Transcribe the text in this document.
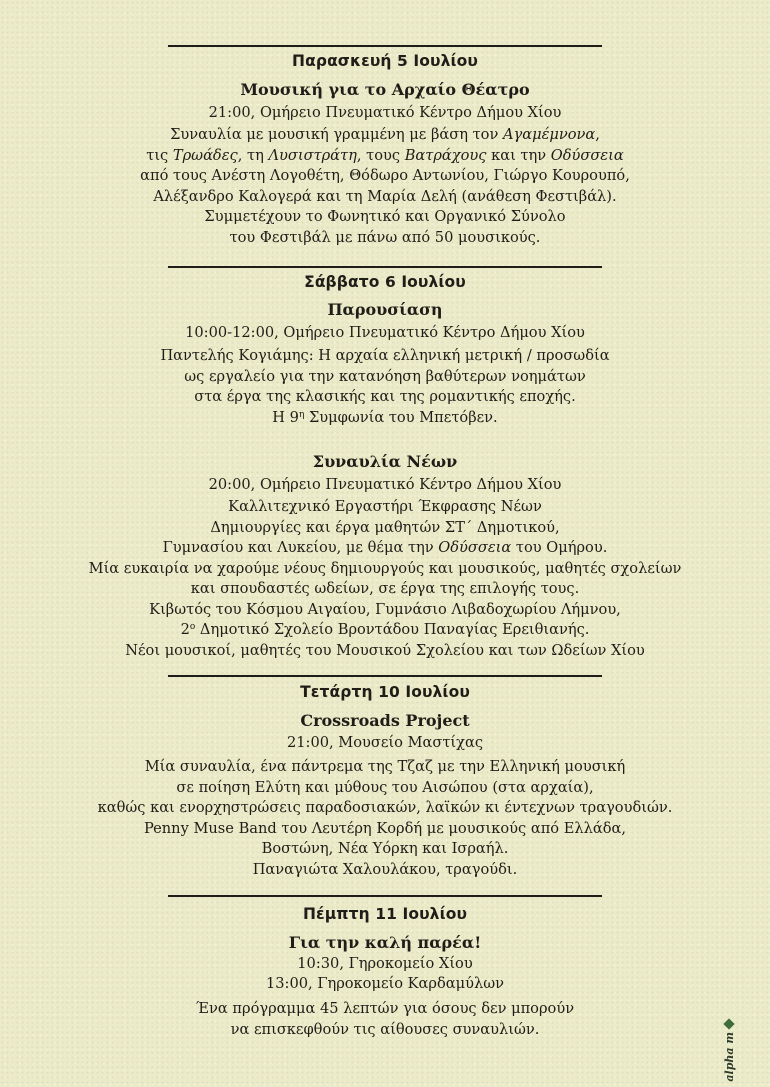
Παρασκευή 5 Ιουλίου
Μουσική για το Αρχαίο Θέατρο
21:00, Ομήρειο Πνευματικό Κέντρο Δήμου Χίου
Συναυλία με μουσική γραμμένη με βάση τον Αγαμέμνονα,
τις Τρωάδες, τη Λυσιστράτη, τους Βατράχους και την Οδύσσεια
από τους Ανέστη Λογοθέτη, Θόδωρο Αντωνίου, Γιώργο Κουρουπό,
Αλέξανδρο Καλογερά και τη Μαρία Δελή (ανάθεση Φεστιβάλ).
Συμμετέχουν το Φωνητικό και Οργανικό Σύνολο
του Φεστιβάλ με πάνω από 50 μουσικούς.
Σάββατο 6 Ιουλίου
Παρουσίαση
10:00-12:00, Ομήρειο Πνευματικό Κέντρο Δήμου Χίου
Παντελής Κογιάμης: Η αρχαία ελληνική μετρική / προσωδία
ως εργαλείο για την κατανόηση βαθύτερων νοημάτων
στα έργα της κλασικής και της ρομαντικής εποχής.
Η $9^\eta$ Συμφωνία του Μπετόβεν.
Συναυλία Νέων
20:00, Ομήρειο Πνευματικό Κέντρο Δήμου Χίου
Καλλιτεχνικό Εργαστήρι Έκφρασης Νέων
Δημιουργίες και έργα μαθητών ΣΤ΄ Δημοτικού,
Γυμνασίου και Λυκείου, με θέμα την Οδύσσεια του Ομήρου.
Μία ευκαιρία να χαρούμε νέους δημιουργούς και μουσικούς, μαθητές σχολείων
και σπουδαστές ωδείων, σε έργα της επιλογής τους.
Κιβωτός του Κόσμου Αιγαίου, Γυμνάσιο Λιβαδοχωρίου Λήμνου,
$2^o$ Δημοτικό Σχολείο Βροντάδου Παναγίας Ερειθιανής.
Νέοι μουσικοί, μαθητές του Μουσικού Σχολείου και των Ωδείων Χίου
Τετάρτη 10 Ιουλίου
Crossroads Project
21:00, Μουσείο Μαστίχας
Μία συναυλία, ένα πάντρεμα της Τζαζ με την Ελληνική μουσική
σε ποίηση Ελύτη και μύθους του Αισώπου (στα αρχαία),
καθώς και ενορχηστρώσεις παραδοσιακών, λαϊκών κι έντεχνων τραγουδιών.
Penny Muse Band του Λευτέρη Κορδή με μουσικούς από Ελλάδα,
Βοστώνη, Νέα Υόρκη και Ισραήλ.
Παναγιώτα Χαλουλάκου, τραγούδι.
Πέμπτη 11 Ιουλίου
Για την καλή παρέα!
10:30, Γηροκομείο Χίου
13:00, Γηροκομείο Καρδαμύλων
Ένα πρόγραμμα 45 λεπτών για όσους δεν μπορούν
να επισκεφθούν τις αίθουσες συναυλιών.
alpha m
